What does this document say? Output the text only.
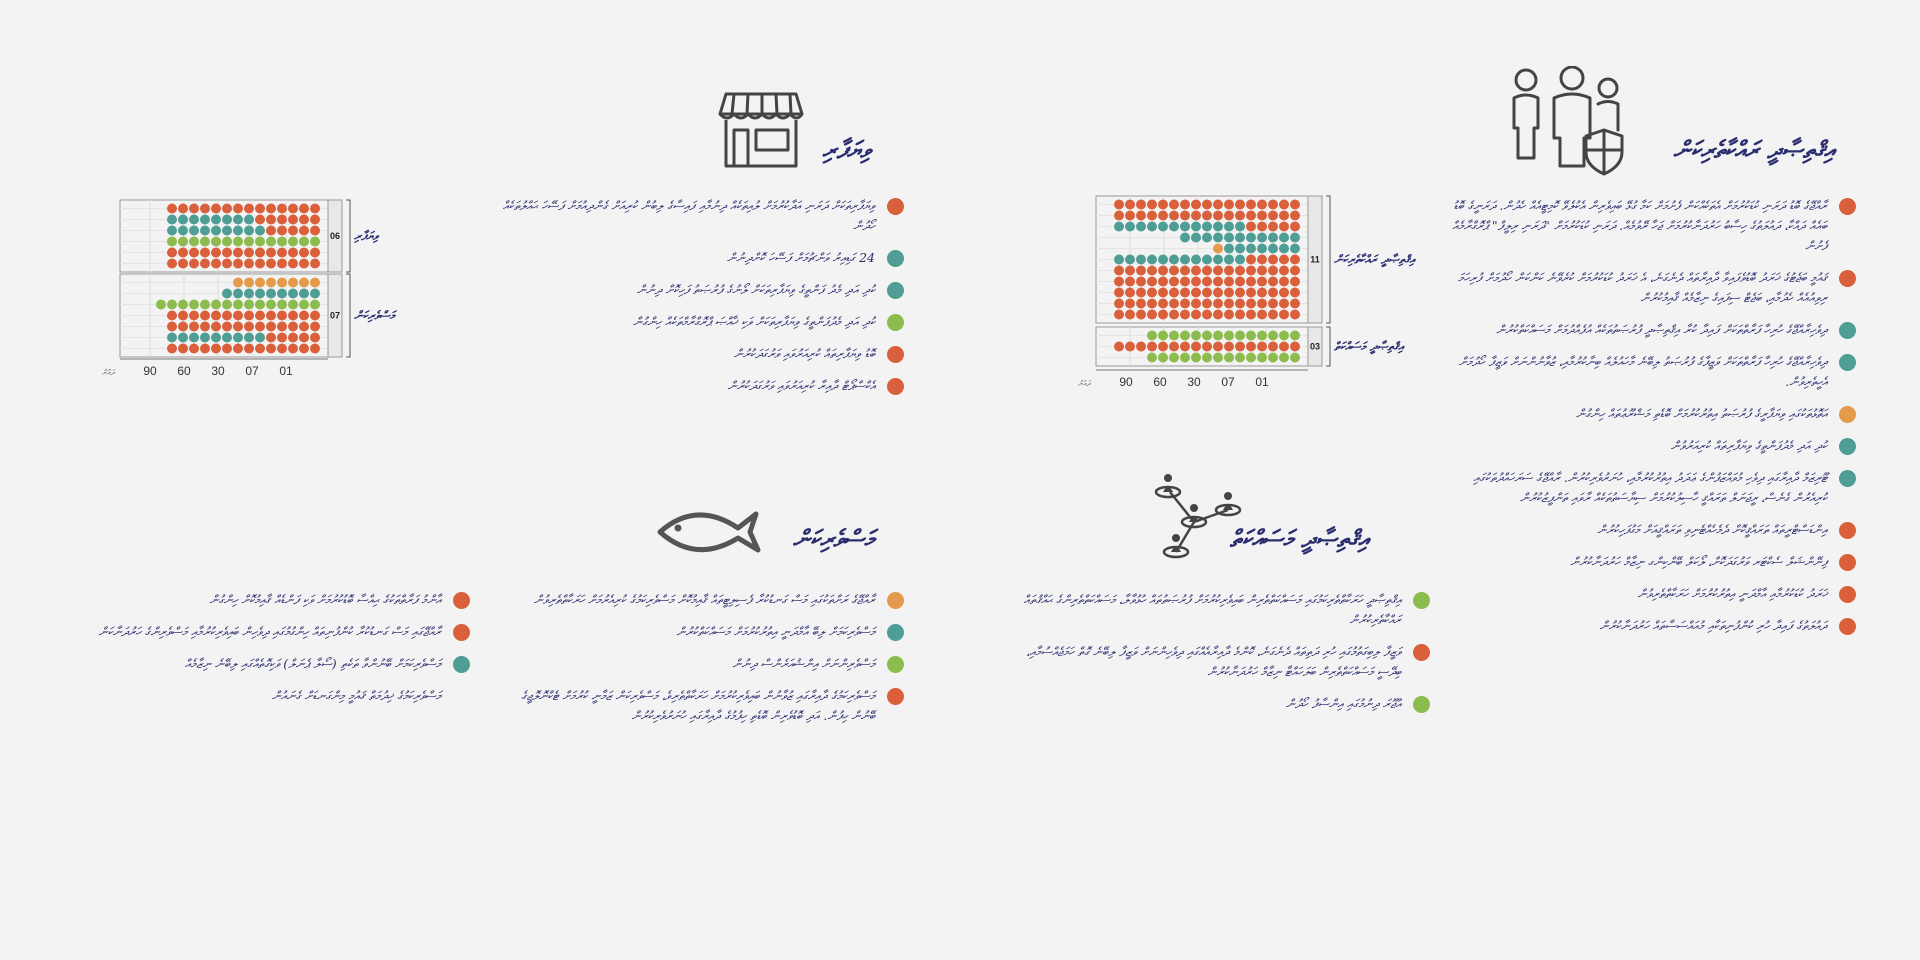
އިޤްތިޞާދީ ރައްކާތެރިކަން
އިޤްތިޞާދީ މަސައްކަތް
ވިޔަފާރި
މަސްވެރިކަން
ރާއްޖޭގެ ބޮޑު ދަރަނި ކުޑަކުރުމަށް އެތަކެއްކަން ފެށުމަށް ކަމާ ގުޅޭ ބައިވެރިން އެކުލެވޭ ކޮމިޓީއެއް ހެދުން. ދަރަނީގެ ބޮޑު ބައެއް ދައްކާ، ދައުލަތުގެ ހިސާބު ހަރުދަނާކުރުމަށް ޖަހާ ރޭވުމެއް. ދަރަނި ކުޑަކުރުމަށް "ދަރަނި ރިލީފް" ޕްރޮގްރާމެއް ފެށުން
ޤައުމީ ބަޖެޓުގެ ޚަރަދު ބޮޑުވެފައިވާ ދާއިރާތައް ދެނެގަނެ، އެ ޚަރަދު ކުޑަކުރުމަށް ކުރެވޭނެ ކަންކަން ހޯދުމަށް ފުރިހަމަ ރިވިއުއެއް ހެދުމާއި، ބަޖެޓް ސިފައިގެ ނިޒާމެއް ޤާއިމުކުރުން
ދިވެހިރާއްޖޭގެ ހުރިހާ ފަރާތްތަކަށް ފައިދާ ކުރާ އިޤްތިޞާދީ ފުރުޞަތުތަކެއް އުފެއްދުމަށް މަސައްކަތްކުރުން
ދިވެހިރާއްޖޭގެ ހުރިހާ ފަރާތްތަކަށް ވަޒީފާގެ ފުރުޞަތު ލިބޭނެ މާހައުލެއް ބިނާކުރުމާއި، ޒުވާނުންނަށް ވަޒީފާ ހޯދުމަށް އެހީތެރިވުން.
އަތޮޅުތަކުގައި ވިޔަފާރީގެ ފުރުޞަތު އިތުރުކުރުމަށް ބޮޑެތި މަޝްރޫޢުތައް ހިންގުން
ކުދި އަދި މެދުފަންތީގެ ވިޔަފާރިތައް ކުރިއަރުވުން
ޓޫރިޒަމް ދާއިރާގައި ދިވެހި މުވައްޒަފުންގެ ޢަދަދު އިތުރުކުރުމާއި، ހުނަރުވެރިކުރުން. ރާއްޖޭގެ ސަރަހައްދުތަކުގައި ކުރިއެރުން ގެނެސް، ރީޖަނަލް ތަރައްޤީ ހާސިލުކުރުމަށް ސިޔާސަތުތަކެއް ރާވައި ތަންފީޒުކުރުން
އިންޑަސްޓްރީތައް ތަރައްޤީކޮށް ދެމެހެއްޓެނިވި ތަރައްޤީއަށް މަގުފަހިކުރުން
ފިނޭންޝަލް ސެކްޓަރ ވަރުގަދަކޮށް، ލޯކަލް ބޭންކިންގ ނިޒާމް ހަރުދަނާކުރުން
ޚަރަދު ކުޑަކުރުމާއި އާމްދަނީ އިތުރުކުރުމަށް ހަރަކާތްތެރިވުން
ދައުލަތުގެ ފައިދާ ހުރި ކުންފުނިތަކާއި މުއައްސަސާތައް ހަރުދަނާކުރުން
އިޤްތިޞާދީ ހަރަކާތްތެރިކަމުގައި މަސައްކަތްތެރިން ބައިވެރިކުރުމަށް ފުރުޞަތުތައް ހުޅުވާލާ، މަސައްކަތްތެރިންގެ ޙައްޤުތައް ރައްކާތެރިކުރުން
ވަޒީފާ ލިބިގަތުމުގައި ހުރި ދަތިތައް ދެނެގަނެ، ކޮންމެ ދާއިރާއެއްގައި ދިވެހިންނަށް ވަޒީފާ ލިބޭނެ ގޮތް ހަމަޖެއްސުމާއި، ބިދޭސީ މަސައްކަތްތެރިން ބަލަހައްޓާ ނިޒާމް ހަރުދަނާކުރުން
އުޖޫރަ ދިނުމުގައި އިންސާފު ހޯދުން
ވިޔަފާރިތަކަށް ދަރަނި އަދާކުރުމަށް ލުއިތަކެއް ދިނުމާއި ފައިސާގެ ލިބުން ކުރިއަށް ގެންދިއުމަށް ފަސޭހަ ޙައްލުތަކެއް ހޯދުން
24 ގަޑިއިރު ވަންޗުމަށް ފަސޭހަ ކޮށްދިނުން
ކުދި އަދި މެދު ފަންތީގެ ވިޔަފާރިތަކަށް ލޯނުގެ ފުރުޞަތު ފަހިކޮށް ދިނުން
ކުދި އަދި މެދުފަންތީގެ ވިޔަފާރިތަކަށް ވަކި ޚާއްޞަ ޕްރޮގްރާމްތަކެއް ހިންގުން
ބޮޑު ވިޔަފާރިތައް ކުރިއަރުވައި ވަރުގަދަކުރުން
އެކްސްޕޯޓް ދާއިރާ ކުރިއަރުވައި ވަރުގަދަކުރުން
ރާއްޖޭގެ ރަށްތަކުގައި މަސް ގަނޑުކުރާ ފެސިލިޓީތައް ޤާއިމުކޮށް މަސްވެރިކަމުގެ ކުރިއެރުމަށް ހަރަކާތްތެރިވުން
މަސްވެރިކަމަށް ލިބޭ އާމްދަނީ އިތުރުކުރުމަށް މަސައްކަތްކުރުން
މަސްވެރިންނަށް އިންޝުއަރެންސް ދިނުން
މަސްވެރިކަމުގެ ދާއިރާގައި ޒުވާނުން ބައިވެރިކުރުމަށް ހަރަކާތްތެރިވެ، މަސްވެރިކަން ޒަމާނީ ކުރުމަށް ޓެކްނޮލޮޖީގެ ބޭނުން ހިފުން. އަދި ބޮޑުވެރިން ބޮޑެތި ހިފުމުގެ ދާއިރާގައި ހުނަރުވެރިކުރުން
އާންމު ފަރާތްތަކުގެ ޙިއްސާ ބޮޑުކުރުމަށް ވަކި ފަންޑެއް ޤާއިމުކޮށް ހިންގުން
ރާއްޖޭގައި މަސް ގަނޑުކުރާ ކުންފުނިތައް ހިންގުމުގައި ދިވެހިން ބައިވެރިކުރުމާއި މަސްވެރިންގެ ހަރުދަނާކަން
މަސްވެރިކަމަށް ބޭނުންވާ ތަކެތި (ސޯލާ ޕެނަލް) ވަކިގޮތެއްގައި ލިބޭނެ ނިޒާމެއް
މަސްވެރިކަމުގެ ޚިދުމަތް ޤައުމީ މިންގަނޑަށް ގެނައުން
06 ވިޔަފާރި
07 މަސްވެރިކަން
90 60 30 07 01
ދައުރު
11 އިޤްތިޞާދީ ރައްކާތެރިކަން
03 އިޤްތިޞާދީ މަސައްކަތް
90 60 30 07 01
ދައުރު
